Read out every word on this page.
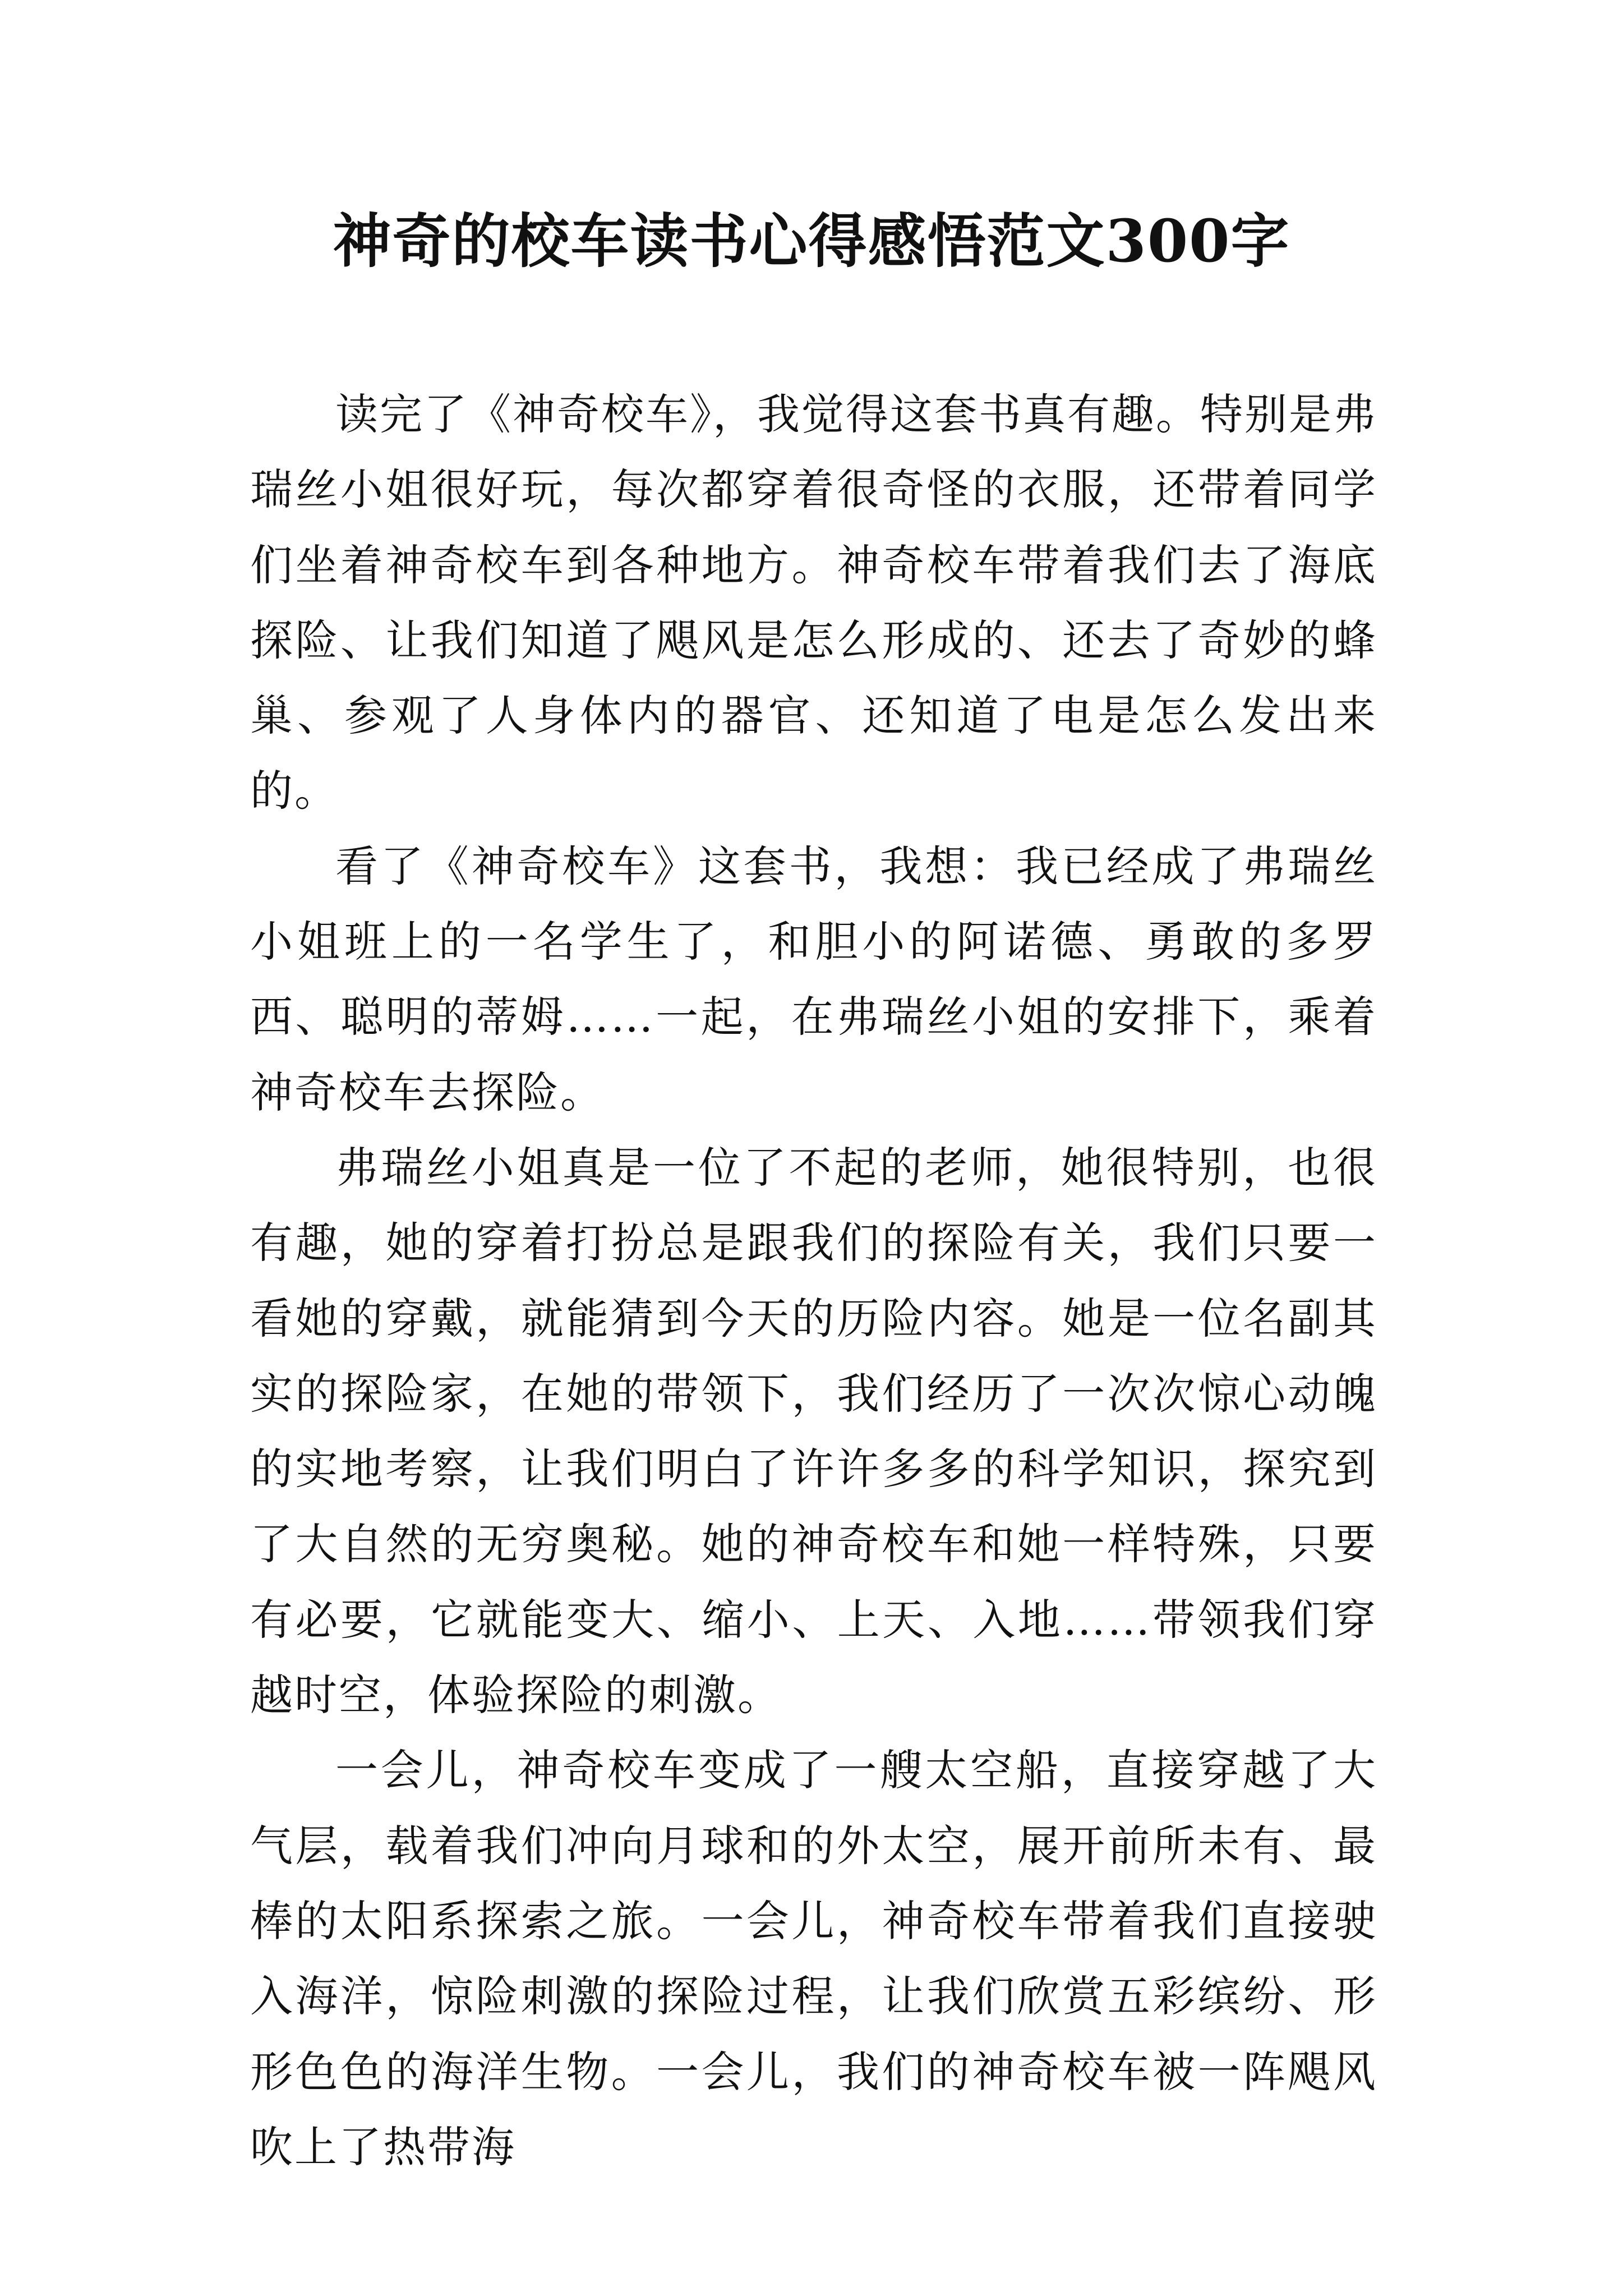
神奇的校车读书心得感悟范文300字

读完了《神奇校车》，我觉得这套书真有趣。特别是弗瑞丝小姐很好玩，每次都穿着很奇怪的衣服，还带着同学们坐着神奇校车到各种地方。神奇校车带着我们去了海底探险、让我们知道了飓风是怎么形成的、还去了奇妙的蜂巢、参观了人身体内的器官、还知道了电是怎么发出来的。

看了《神奇校车》这套书，我想：我已经成了弗瑞丝小姐班上的一名学生了，和胆小的阿诺德、勇敢的多罗西、聪明的蒂姆……一起，在弗瑞丝小姐的安排下，乘着神奇校车去探险。

弗瑞丝小姐真是一位了不起的老师，她很特别，也很有趣，她的穿着打扮总是跟我们的探险有关，我们只要一看她的穿戴，就能猜到今天的历险内容。她是一位名副其实的探险家，在她的带领下，我们经历了一次次惊心动魄的实地考察，让我们明白了许许多多的科学知识，探究到了大自然的无穷奥秘。她的神奇校车和她一样特殊，只要有必要，它就能变大、缩小、上天、入地……带领我们穿越时空，体验探险的刺激。

一会儿，神奇校车变成了一艘太空船，直接穿越了大气层，载着我们冲向月球和的外太空，展开前所未有、最棒的太阳系探索之旅。一会儿，神奇校车带着我们直接驶入海洋，惊险刺激的探险过程，让我们欣赏五彩缤纷、形形色色的海洋生物。一会儿，我们的神奇校车被一阵飓风吹上了热带海
